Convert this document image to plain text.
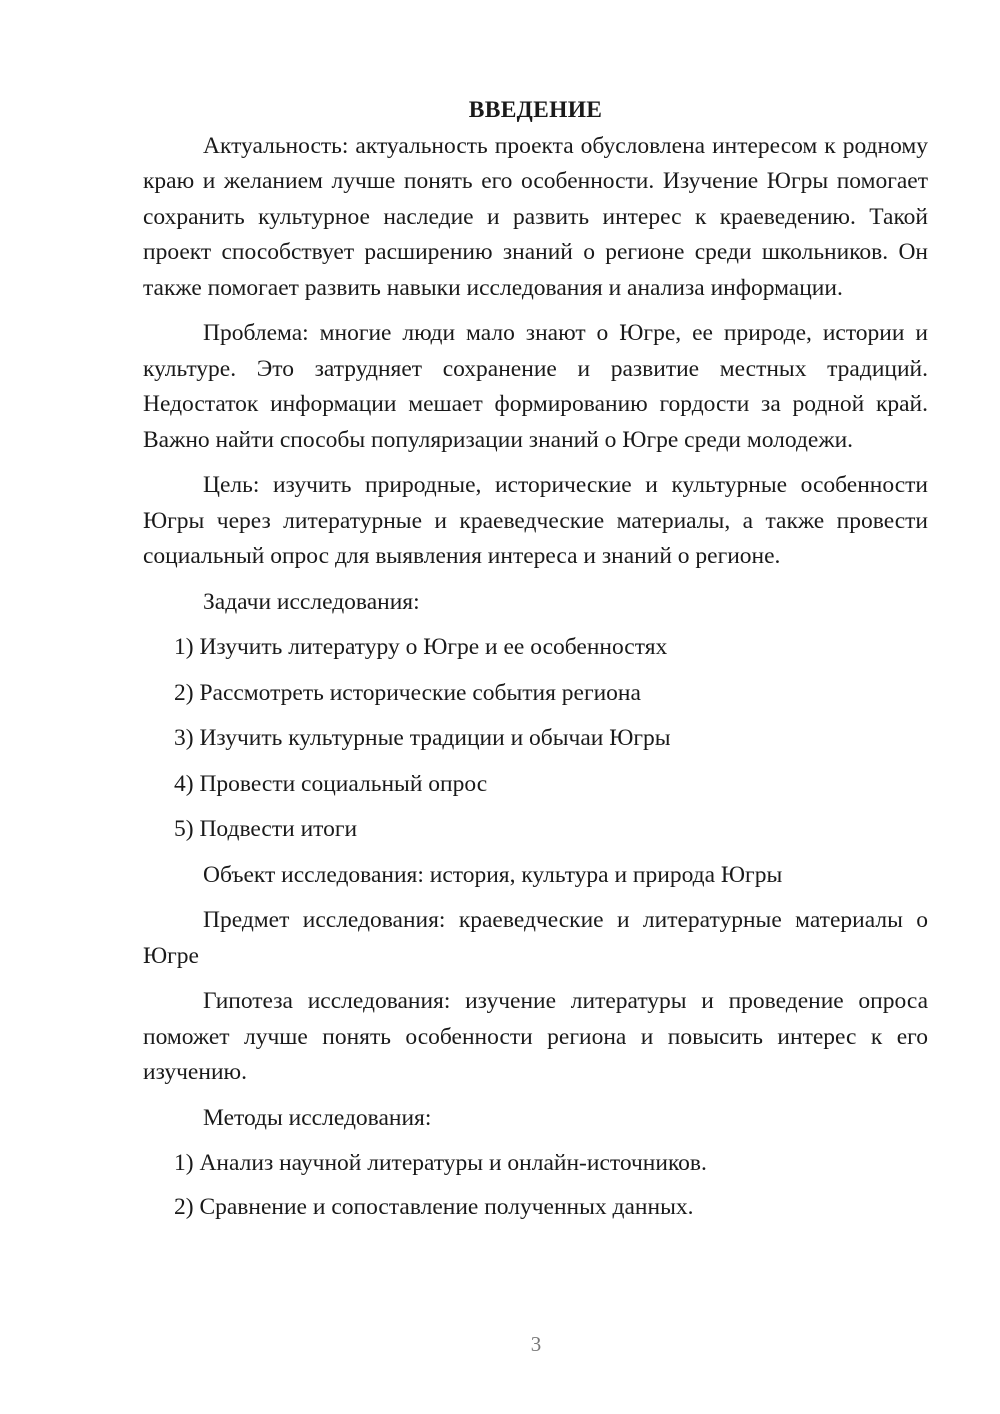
ВВЕДЕНИЕ

Актуальность: актуальность проекта обусловлена интересом к родному краю и желанием лучше понять его особенности. Изучение Югры помогает сохранить культурное наследие и развить интерес к краеведению. Такой проект способствует расширению знаний о регионе среди школьников. Он также помогает развить навыки исследования и анализа информации.

Проблема: многие люди мало знают о Югре, ее природе, истории и культуре. Это затрудняет сохранение и развитие местных традиций. Недостаток информации мешает формированию гордости за родной край. Важно найти способы популяризации знаний о Югре среди молодежи.

Цель: изучить природные, исторические и культурные особенности Югры через литературные и краеведческие материалы, а также провести социальный опрос для выявления интереса и знаний о регионе.

Задачи исследования:

1) Изучить литературу о Югре и ее особенностях
2) Рассмотреть исторические события региона
3) Изучить культурные традиции и обычаи Югры
4) Провести социальный опрос
5) Подвести итоги

Объект исследования: история, культура и природа Югры

Предмет исследования: краеведческие и литературные материалы о Югре

Гипотеза исследования: изучение литературы и проведение опроса поможет лучше понять особенности региона и повысить интерес к его изучению.

Методы исследования:

1) Анализ научной литературы и онлайн-источников.
2) Сравнение и сопоставление полученных данных.
3
